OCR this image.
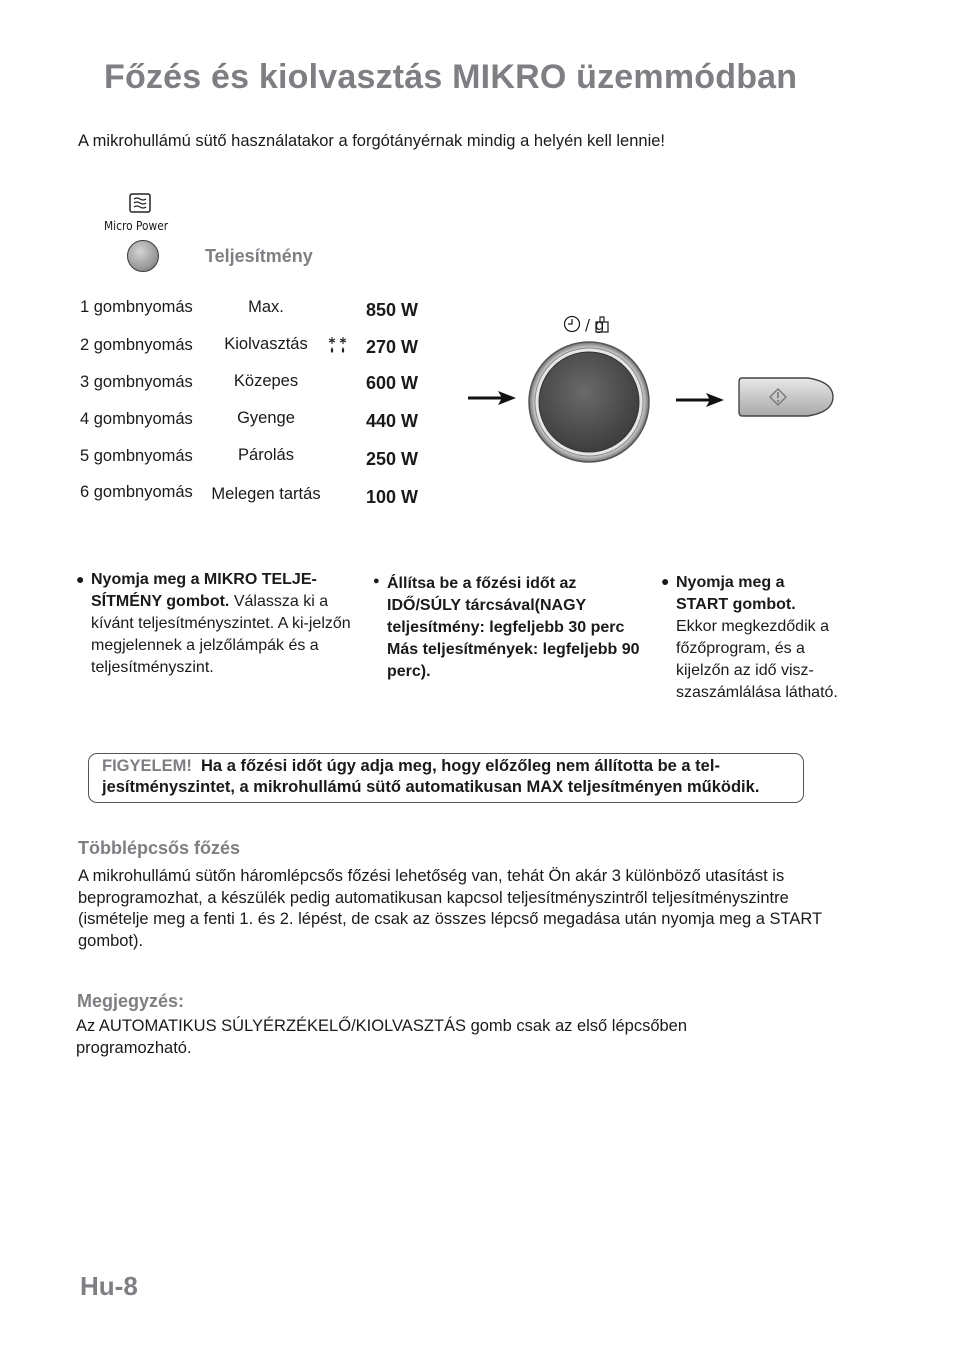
Főzés és kiolvasztás MIKRO üzemmódban
A mikrohullámú sütő használatakor a forgótányérnak mindig a helyén kell lennie!
Micro Power
Teljesítmény
1 gombnyomás	Max.	850 W
2 gombnyomás	Kiolvasztás	270 W
3 gombnyomás	Közepes	600 W
4 gombnyomás	Gyenge	440 W
5 gombnyomás	Párolás	250 W
6 gombnyomás	Melegen tartás	100 W
/ g
● Nyomja meg a MIKRO TELJE-SÍTMÉNY gombot. Válassza ki a kívánt teljesítményszintet. A ki-jelzőn megjelennek a jelzőlámpák és a teljesítményszint.
● Állítsa be a főzési időt az IDŐ/SÚLY tárcsával(NAGY teljesítmény: legfeljebb 30 perc Más teljesítmények: legfeljebb 90 perc).
● Nyomja meg a START gombot. Ekkor megkezdődik a főzőprogram, és a kijelzőn az idő visz-szaszámlálása látható.
FIGYELEM! Ha a főzési időt úgy adja meg, hogy előzőleg nem állította be a tel-jesítményszintet, a mikrohullámú sütő automatikusan MAX teljesítményen működik.
Többlépcsős főzés
A mikrohullámú sütőn háromlépcsős főzési lehetőség van, tehát Ön akár 3 különböző utasítást is beprogramozhat, a készülék pedig automatikusan kapcsol teljesítményszintről teljesítményszintre (ismételje meg a fenti 1. és 2. lépést, de csak az összes lépcső megadása után nyomja meg a START gombot).
Megjegyzés:
Az AUTOMATIKUS SÚLYÉRZÉKELŐ/KIOLVASZTÁS gomb csak az első lépcsőben programozható.
Hu-8
